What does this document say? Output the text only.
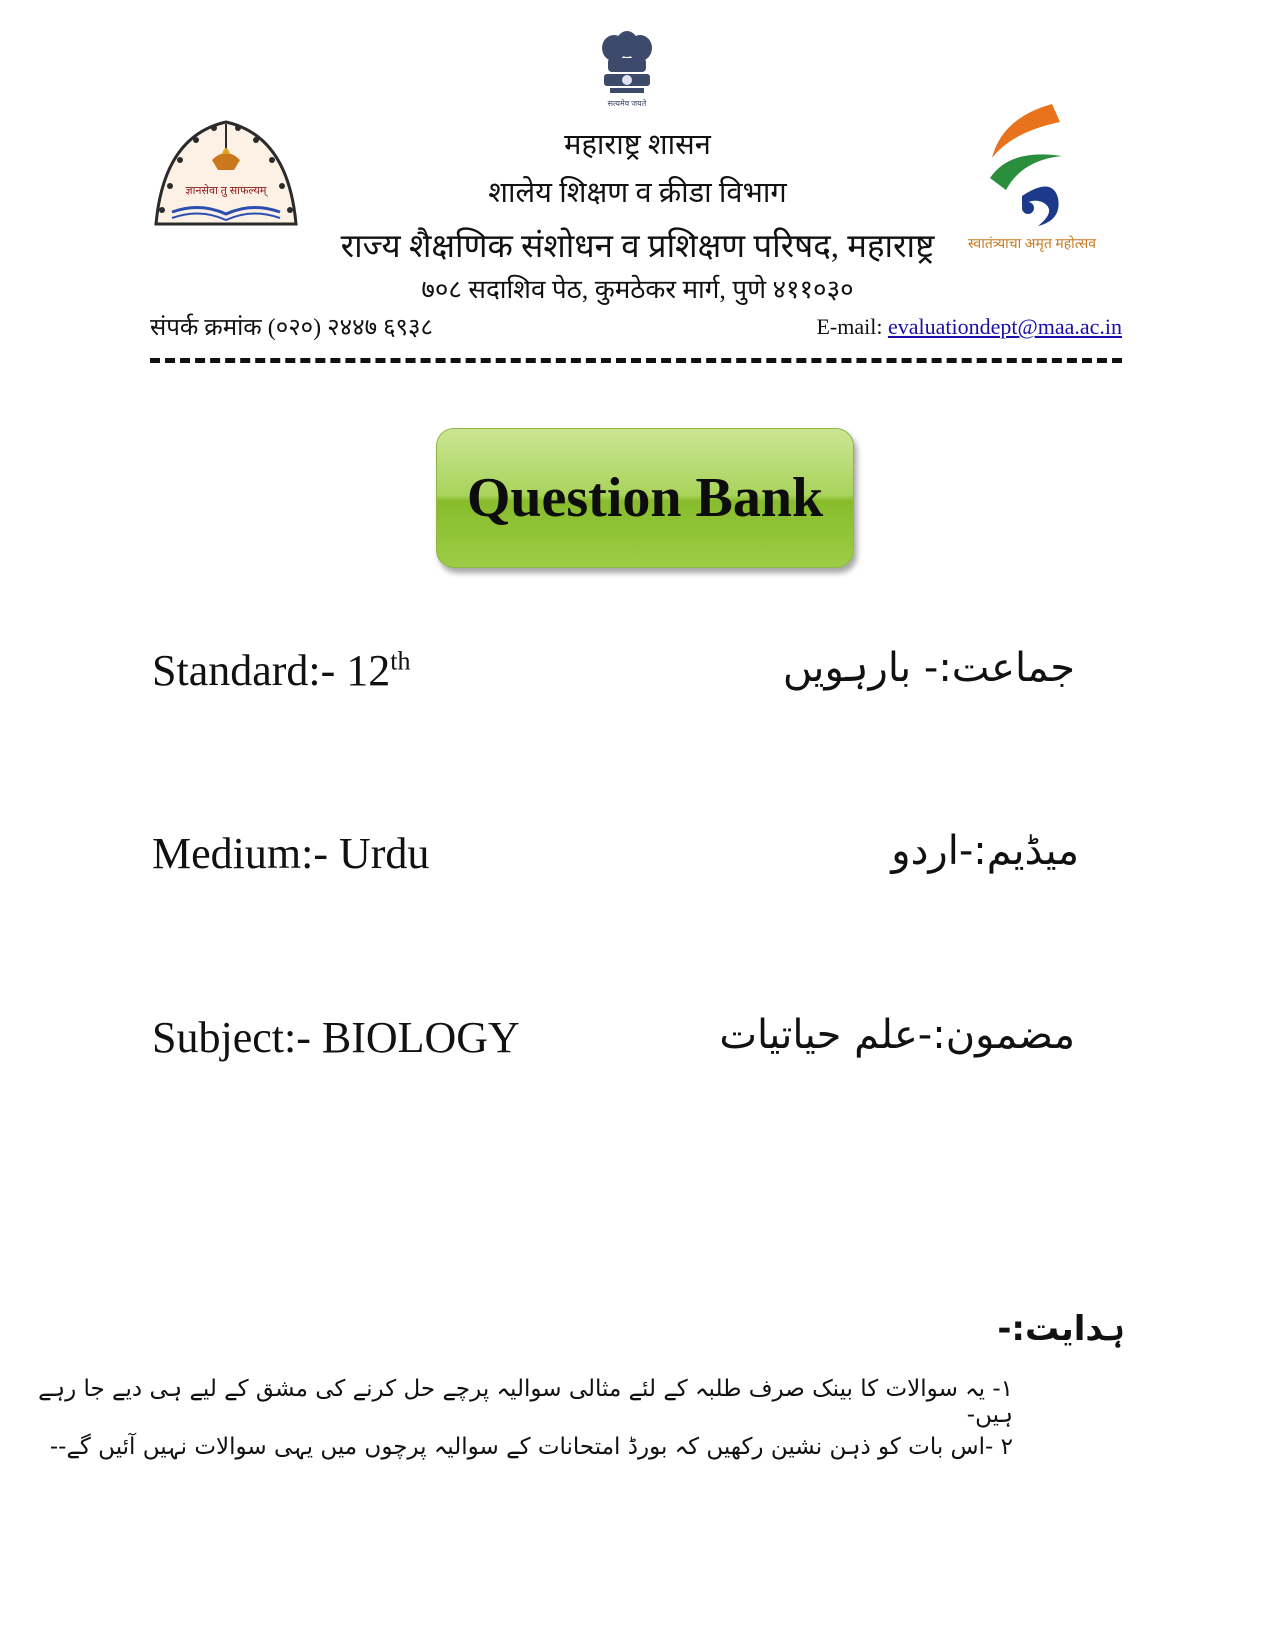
सत्यमेव जयते
ज्ञानसेवा तु साफल्यम्
स्वातंत्र्याचा अमृत महोत्सव
महाराष्ट्र शासन
शालेय शिक्षण व क्रीडा विभाग
राज्य शैक्षणिक संशोधन व प्रशिक्षण परिषद, महाराष्ट्र
७०८ सदाशिव पेठ, कुमठेकर मार्ग, पुणे ४११०३०
संपर्क क्रमांक (०२०) २४४७ ६९३८	E-mail: evaluationdept@maa.ac.in
Question Bank
Standard:- 12th	جماعت:- بارہویں
Medium:- Urdu	میڈیم:-اردو
Subject:- BIOLOGY	مضمون:-علم حیاتیات
ہدایت:-
١- یہ سوالات کا بینک صرف طلبہ کے لئے مثالی سوالیہ پرچے حل کرنے کی مشق کے لیے ہی دیے جا رہے ہیں-
٢ -اس بات کو ذہن نشین رکھیں کہ بورڈ امتحانات کے سوالیہ پرچوں میں یہی سوالات نہیں آئیں گے--
